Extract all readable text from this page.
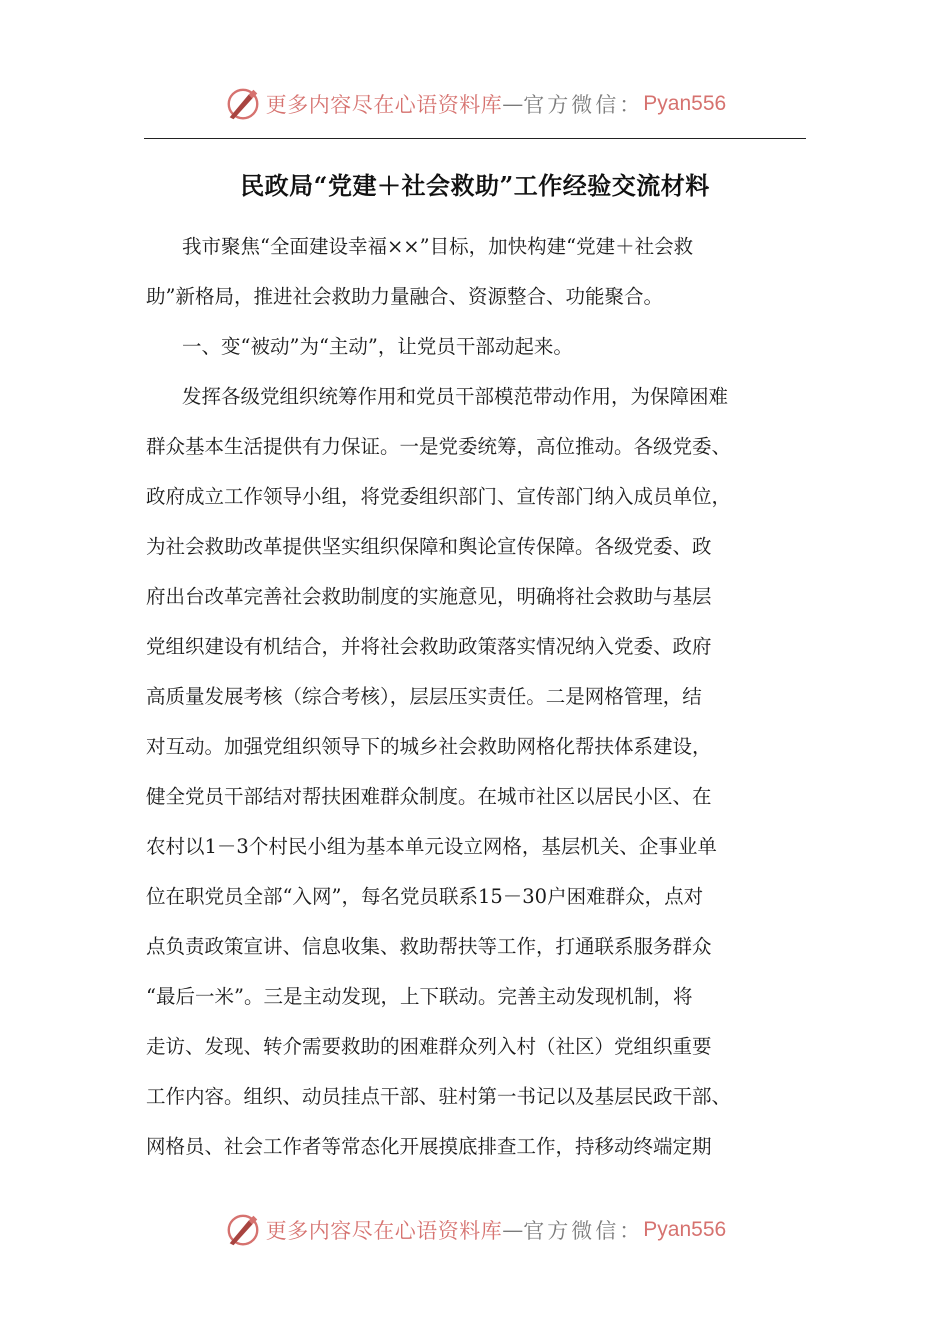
更多内容尽在心语资料库 — 官方微信： Pyan556
民政局“党建＋社会救助”工作经验交流材料
我市聚焦“全面建设幸福××”目标，加快构建“党建＋社会救
助”新格局，推进社会救助力量融合、资源整合、功能聚合。
一、变“被动”为“主动”，让党员干部动起来。
发挥各级党组织统筹作用和党员干部模范带动作用，为保障困难
群众基本生活提供有力保证。一是党委统筹，高位推动。各级党委、
政府成立工作领导小组，将党委组织部门、宣传部门纳入成员单位，
为社会救助改革提供坚实组织保障和舆论宣传保障。各级党委、政
府出台改革完善社会救助制度的实施意见，明确将社会救助与基层
党组织建设有机结合，并将社会救助政策落实情况纳入党委、政府
高质量发展考核（综合考核），层层压实责任。二是网格管理，结
对互动。加强党组织领导下的城乡社会救助网格化帮扶体系建设，
健全党员干部结对帮扶困难群众制度。在城市社区以居民小区、在
农村以1－3个村民小组为基本单元设立网格，基层机关、企事业单
位在职党员全部“入网”，每名党员联系15－30户困难群众，点对
点负责政策宣讲、信息收集、救助帮扶等工作，打通联系服务群众
“最后一米”。三是主动发现，上下联动。完善主动发现机制，将
走访、发现、转介需要救助的困难群众列入村（社区）党组织重要
工作内容。组织、动员挂点干部、驻村第一书记以及基层民政干部、
网格员、社会工作者等常态化开展摸底排查工作，持移动终端定期
更多内容尽在心语资料库 — 官方微信： Pyan556
